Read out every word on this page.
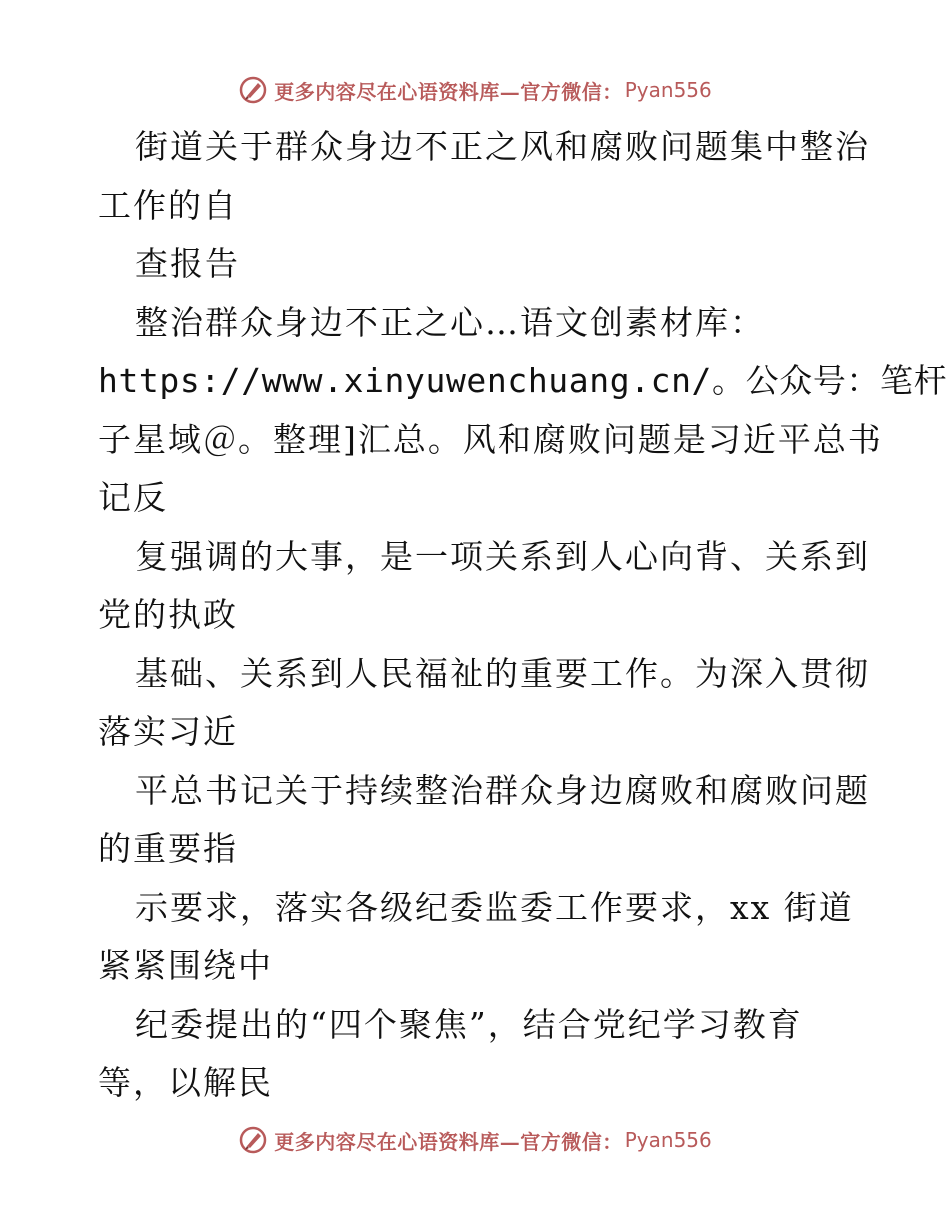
更多内容尽在心语资料库—官方微信： Pyan556
街道关于群众身边不正之风和腐败问题集中整治
工作的自
查报告
整治群众身边不正之心…语文创素材库：
https://www.xinyuwenchuang.cn/。公众号：笔杆
子星域＠。整理]汇总。风和腐败问题是习近平总书
记反
复强调的大事，是一项关系到人心向背、关系到
党的执政
基础、关系到人民福祉的重要工作。为深入贯彻
落实习近
平总书记关于持续整治群众身边腐败和腐败问题
的重要指
示要求，落实各级纪委监委工作要求，xx 街道
紧紧围绕中
纪委提出的“四个聚焦”，结合党纪学习教育
等，以解民
更多内容尽在心语资料库—官方微信： Pyan556
